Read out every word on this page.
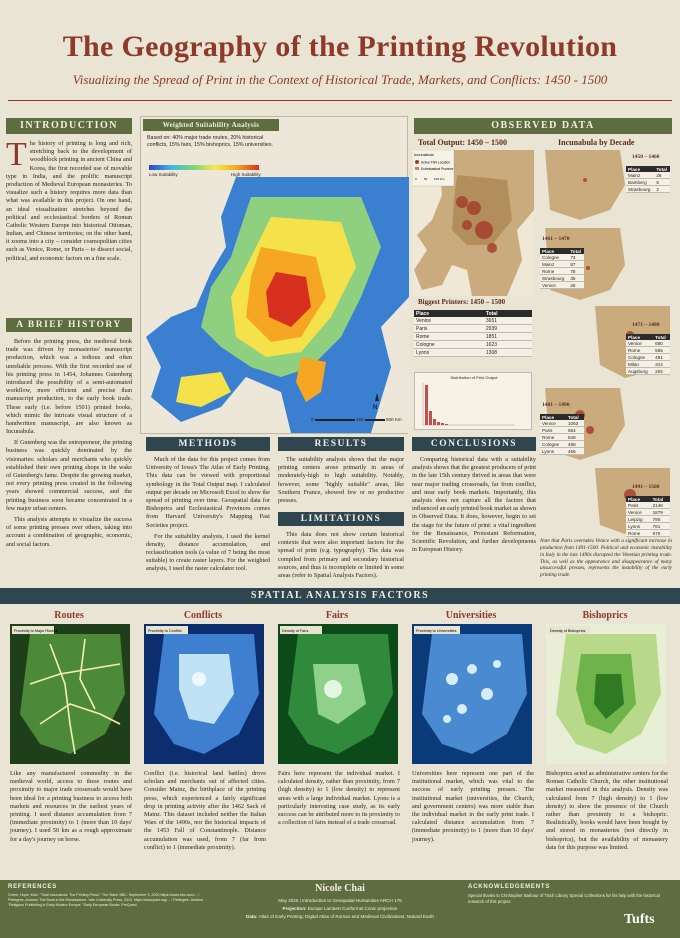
The Geography of the Printing Revolution
Visualizing the Spread of Print in the Context of Historical Trade, Markets, and Conflicts: 1450 - 1500
INTRODUCTION
T he history of printing is long and rich, stretching back to the development of woodblock printing in ancient China and Korea, the first recorded use of movable type in India, and the prolific manuscript production of Medieval European monasteries. To visualize such a history requires more data than what was available in this project. On one hand, an ideal visualization stretches beyond the political and ecclesiastical borders of Roman Catholic Western Europe into historical Ottoman, Indian, and Chinese territories; on the other hand, it zooms into a city – consider cosmopolitan cities such as Venice, Rome, or Paris – to dissect social, political, and economic factors on a fine scale.
A BRIEF HISTORY

Before the printing press, the medieval book trade was driven by monasteries' manuscript production, which was a tedious and often unreliable process. With the first recorded use of his printing press in 1454, Johannes Gutenberg introduced the possibility of a semi-automated workflow, more efficient and precise than manuscript production, to the early book trade. These early (i.e. before 1501) printed books, which mimic the intricate visual structure of a handwritten manuscript, are also known as Incunabula.

If Gutenberg was the entrepreneur, the printing business was quickly dominated by the visionaries: scholars and merchants who quickly established their own printing shops in the wake of Gutenberg's fame. Despite the growing market, not every printing press created in the following years showed commercial success, and the printing business soon became concentrated in a few major urban centers.

This analysis attempts to visualize the success of some printing presses over others, taking into account a combination of geographic, economic, and social factors.

Weighted Suitability Analysis
Based on: 40% major trade routes, 20% historical conflicts, 15% fairs, 15% bishoprics, 15% universities.
Low Suitability	High Suitability
N
0	250	500 Km
METHODS

Much of the data for this project comes from University of Iowa's The Atlas of Early Printing. This data can be viewed with proportional symbology in the Total Output map. I calculated output per decade on Microsoft Excel to show the spread of printing over time. Geospatial data for Bishoprics and Ecclesiastical Provinces comes from Harvard University's Mapping Past Societies project.

For the suitability analysis, I used the kernel density, distance accumulation, and reclassification tools (a value of 7 being the most suitable) to create raster layers. For the weighted analysis, I used the raster calculator tool.

RESULTS

The suitability analysis shows that the major printing centers arose primarily in areas of moderately-high to high suitability. Notably, however, some "highly suitable" areas, like Southern France, showed few or no productive presses.

LIMITATIONS

This data does not show certain historical contexts that were also important factors for the spread of print (e.g. typography). The data was compiled from primary and secondary historical sources, and thus is incomplete or limited in some areas (refer to Spatial Analysis Factors).

CONCLUSIONS

Comparing historical data with a suitability analysis shows that the greatest producers of print in the late 15th century thrived in areas that were near major trading crossroads, far from conflict, and near early book markets. Importantly, this analysis does not capture all the factors that influenced an early printed book market as shown in Observed Data. It does, however, begin to set the stage for the future of print: a vital ingredient for the Renaissance, Protestant Reformation, Scientific Revolution, and further developments in European History.

OBSERVED DATA
Total Output: 1450 – 1500	Incunabula by Decade
Incunabula
Active Print Location
Ecclesiastical Province
0 50 100 Km
Biggest Printers: 1450 – 1500
Place	Total
Venice	3651
Paris	2939
Rome	1851
Cologne	1623
Lyons	1308
Distribution of Print Output
1450 – 1460
Place	Total
Mainz	28
Bamberg	5
Strasbourg	2
1461 – 1470
Place	Total
Cologne	73
Mainz	87
Rome	78
Strasbourg	35
Venice	26
1471 – 1480
Place	Total
Venice	680
Rome	555
Cologne	491
Milan	314
Augsburg	202
1481 – 1490
Place	Total
Venice	1063
Paris	584
Rome	548
Cologne	488
Lyons	456
1491 – 1500
Place	Total
Paris	2146
Venice	1879
Leipzig	790
Lyons	761
Rome	670
Note that Paris overtakes Venice with a significant increase in production from 1491-1500. Political and economic instability in Italy in the late 1490s disrupted the Venetian printing trade. This, as well as the appearance and disappearance of many unsuccessful presses, represents the instability of the early printing trade.
SPATIAL ANALYSIS FACTORS
Routes	Conflicts	Fairs	Universities	Bishoprics
Proximity to Major Routes	Proximity to Conflict	Density of Fairs	Proximity to Universities	Density of Bishoprics
Like any manufactured commodity in the medieval world, access to these routes and proximity to major trade crossroads would have been ideal for a printing business to access both markets and resources in the earliest years of printing. I used distance accumulation from 7 (immediate proximity) to 1 (more than 10 days' journey). I used 50 km as a rough approximate for a day's journey on horse.
Conflict (i.e. historical land battles) drove scholars and merchants out of affected cities. Consider Mainz, the birthplace of the printing press, which experienced a fairly significant drop in printing activity after the 1462 Sack of Mainz. This dataset included neither the Italian Wars of the 1490s, nor the historical impacts of the 1453 Fall of Constantinople. Distance accumulation was used, from 7 (far from conflict) to 1 (immediate proximity).
Fairs here represent the individual market. I calculated density, rather than proximity, from 7 (high density) to 1 (low density) to represent areas with a large individual market. Lyons is a particularly interesting case study, as its early success can be attributed more to its proximity to a collection of fairs instead of a trade crossroad.
Universities here represent one part of the institutional market, which was vital to the success of early printing presses. The institutional market (universities, the Church, and government centers) was more stable than the individual market in the early print trade. I calculated distance accumulation from 7 (immediate proximity) to 1 (more than 10 days' journey).
Bishoprics acted as administrative centers for the Roman Catholic Church, the other institutional market measured in this analysis. Density was calculated from 7 (high density) to 1 (low density) to show the presence of the Church rather than proximity to a bishopric. Realistically, books would have been bought by and stored in monasteries (not directly in bishoprics), but the availability of monastery data for this purpose was limited.
REFERENCES
Green, Hope, Kiah. "Total Incunabula: The Printing Press." The Stanf. BBC. September 3, 2020 https://www.bbc.com/... / Pettegree, Andrew. The Book in the Renaissance. Yale University Press, 2010. https://www.jstor.org/... / Pettegree, Andrew. "Religious Publishing in Early Modern Europe." Early European Books. ProQuest.
Nicole Chai
May 2025 | Introduction to Geospatial Humanities ARCH 175
Projection: Europe Lambert Conformal Conic projection
Data: Atlas of Early Printing; Digital Atlas of Roman and Medieval Civilizations; Natural Earth
ACKNOWLEDGEMENTS
Special thanks to Christopher Barbour of Tisch Library Special Collections for his help with the historical research of this project.
Tufts
